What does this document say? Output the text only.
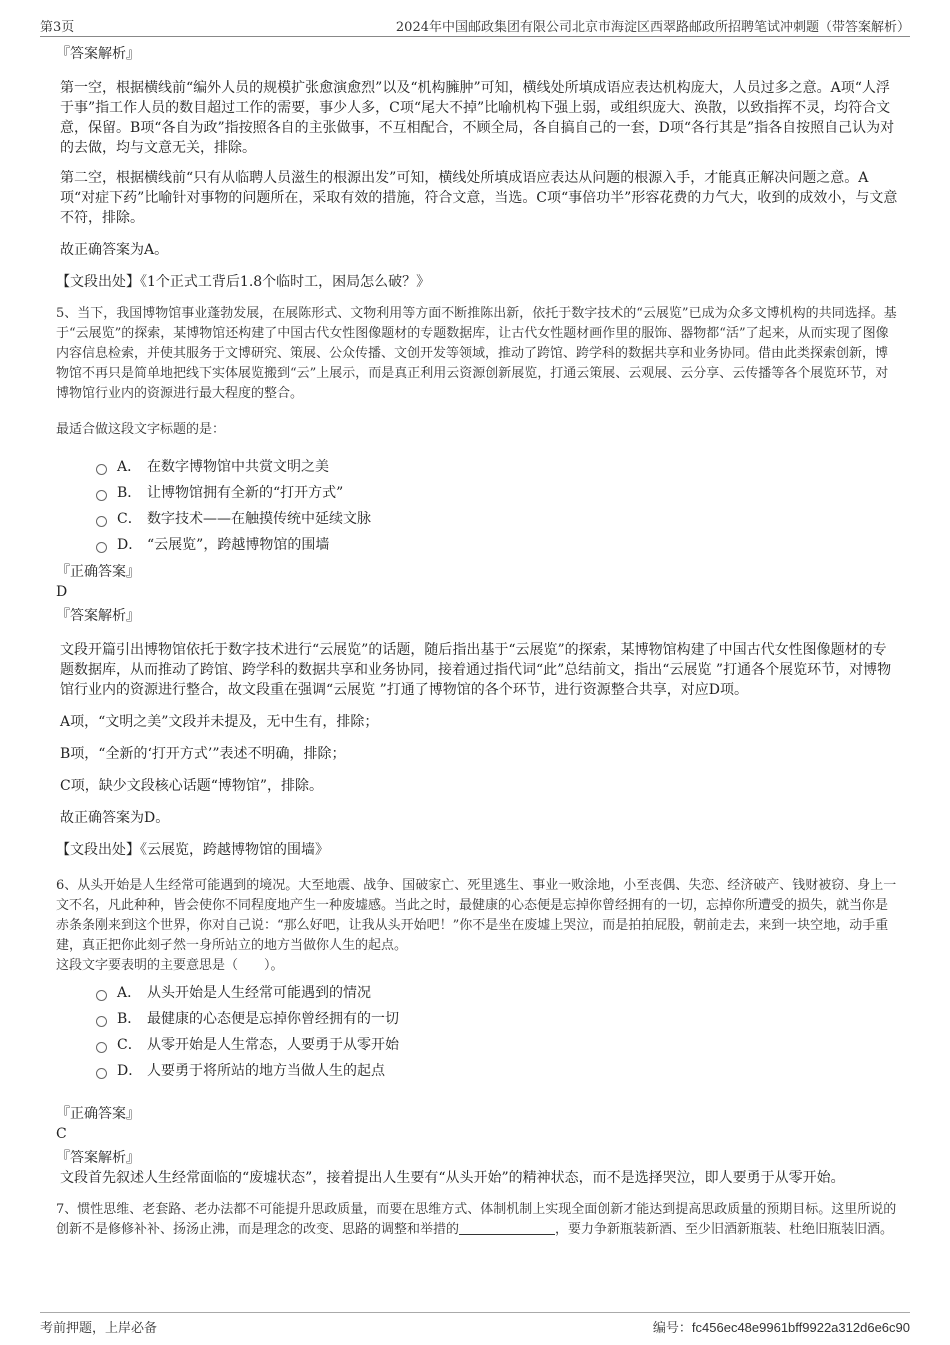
第3页	2024年中国邮政集团有限公司北京市海淀区西翠路邮政所招聘笔试冲刺题（带答案解析）

『答案解析』

第一空，根据横线前“编外人员的规模扩张愈演愈烈”以及“机构臃肿”可知，横线处所填成语应表达机构庞大，人员过多之意。A项“人浮于事”指工作人员的数目超过工作的需要，事少人多，C项“尾大不掉”比喻机构下强上弱，或组织庞大、涣散，以致指挥不灵，均符合文意，保留。B项“各自为政”指按照各自的主张做事，不互相配合，不顾全局，各自搞自己的一套，D项“各行其是”指各自按照自己认为对的去做，均与文意无关，排除。

第二空，根据横线前“只有从临聘人员滋生的根源出发”可知，横线处所填成语应表达从问题的根源入手，才能真正解决问题之意。A项“对症下药”比喻针对事物的问题所在，采取有效的措施，符合文意，当选。C项“事倍功半”形容花费的力气大，收到的成效小，与文意不符，排除。

故正确答案为A。

【文段出处】《1个正式工背后1.8个临时工，困局怎么破？》

5、当下，我国博物馆事业蓬勃发展，在展陈形式、文物利用等方面不断推陈出新，依托于数字技术的“云展览”已成为众多文博机构的共同选择。基于“云展览”的探索，某博物馆还构建了中国古代女性图像题材的专题数据库，让古代女性题材画作里的服饰、器物都“活”了起来，从而实现了图像内容信息检索，并使其服务于文博研究、策展、公众传播、文创开发等领域，推动了跨馆、跨学科的数据共享和业务协同。借由此类探索创新，博物馆不再只是简单地把线下实体展览搬到“云”上展示，而是真正利用云资源创新展览，打通云策展、云观展、云分享、云传播等各个展览环节，对博物馆行业内的资源进行最大程度的整合。

最适合做这段文字标题的是：

A． 在数字博物馆中共赏文明之美
B． 让博物馆拥有全新的“打开方式”
C． 数字技术——在触摸传统中延续文脉
D． “云展览”，跨越博物馆的围墙

『正确答案』

D

『答案解析』

文段开篇引出博物馆依托于数字技术进行“云展览”的话题，随后指出基于“云展览”的探索，某博物馆构建了中国古代女性图像题材的专题数据库，从而推动了跨馆、跨学科的数据共享和业务协同，接着通过指代词“此”总结前文，指出“云展览 ”打通各个展览环节，对博物馆行业内的资源进行整合，故文段重在强调“云展览 ”打通了博物馆的各个环节，进行资源整合共享，对应D项。

A项，“文明之美”文段并未提及，无中生有，排除；

B项，“全新的‘打开方式’”表述不明确，排除；

C项，缺少文段核心话题“博物馆”，排除。

故正确答案为D。

【文段出处】《云展览，跨越博物馆的围墙》

6、从头开始是人生经常可能遇到的境况。大至地震、战争、国破家亡、死里逃生、事业一败涂地，小至丧偶、失恋、经济破产、钱财被窃、身上一文不名，凡此种种，皆会使你不同程度地产生一种废墟感。当此之时，最健康的心态便是忘掉你曾经拥有的一切，忘掉你所遭受的损失，就当你是赤条条刚来到这个世界，你对自己说：“那么好吧，让我从头开始吧！”你不是坐在废墟上哭泣，而是拍拍屁股，朝前走去，来到一块空地，动手重建，真正把你此刻孑然一身所站立的地方当做你人生的起点。

这段文字要表明的主要意思是（　　）。

A． 从头开始是人生经常可能遇到的情况
B． 最健康的心态便是忘掉你曾经拥有的一切
C． 从零开始是人生常态，人要勇于从零开始
D． 人要勇于将所站的地方当做人生的起点

『正确答案』

C

『答案解析』

文段首先叙述人生经常面临的“废墟状态”，接着提出人生要有“从头开始”的精神状态，而不是选择哭泣，即人要勇于从零开始。

7、惯性思维、老套路、老办法都不可能提升思政质量，而要在思维方式、体制机制上实现全面创新才能达到提高思政质量的预期目标。这里所说的创新不是修修补补、扬汤止沸，而是理念的改变、思路的调整和举措的	，要力争新瓶装新酒、至少旧酒新瓶装、杜绝旧瓶装旧酒。

考前押题，上岸必备	编号：fc456ec48e9961bff9922a312d6e6c90
